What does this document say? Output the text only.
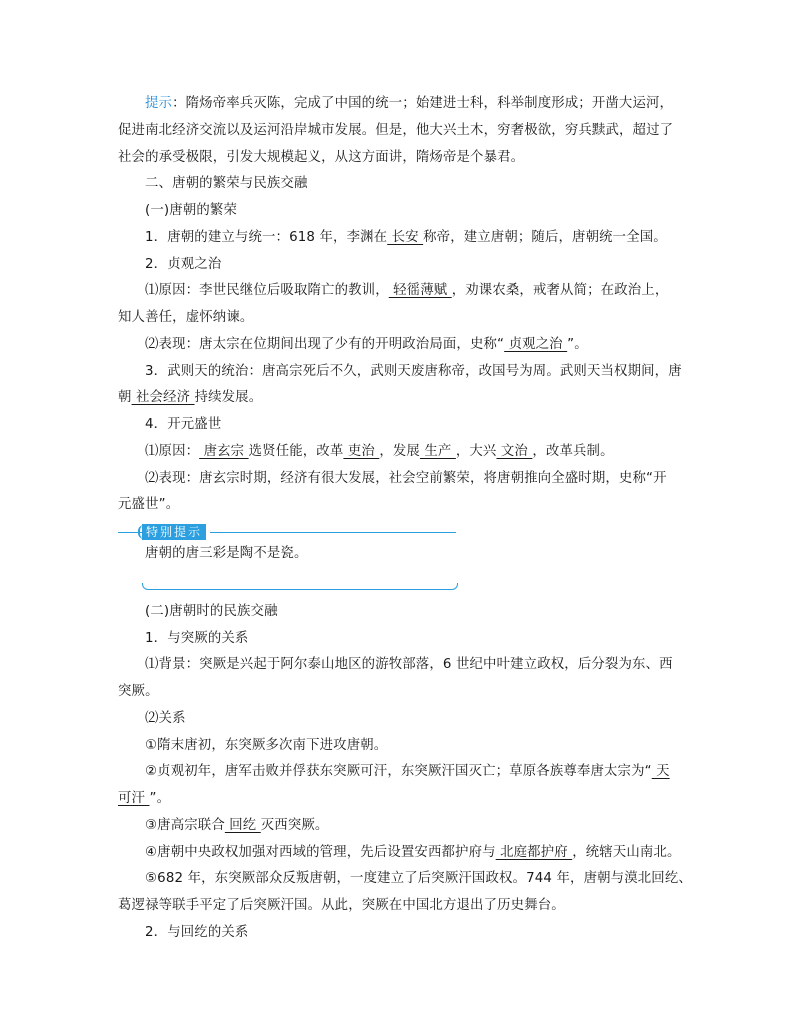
提示：隋炀帝率兵灭陈，完成了中国的统一；始建进士科，科举制度形成；开凿大运河，
促进南北经济交流以及运河沿岸城市发展。但是，他大兴土木，穷奢极欲，穷兵黩武，超过了
社会的承受极限，引发大规模起义，从这方面讲，隋炀帝是个暴君。
二、唐朝的繁荣与民族交融
(一)唐朝的繁荣
1．唐朝的建立与统一：618 年，李渊在 长安 称帝，建立唐朝；随后，唐朝统一全国。
2．贞观之治
⑴原因：李世民继位后吸取隋亡的教训， 轻徭薄赋 ，劝课农桑，戒奢从简；在政治上，
知人善任，虚怀纳谏。
⑵表现：唐太宗在位期间出现了少有的开明政治局面，史称“ 贞观之治 ”。
3．武则天的统治：唐高宗死后不久，武则天废唐称帝，改国号为周。武则天当权期间，唐
朝 社会经济 持续发展。
4．开元盛世
⑴原因： 唐玄宗 选贤任能，改革 吏治 ，发展 生产 ，大兴 文治 ，改革兵制。
⑵表现：唐玄宗时期，经济有很大发展，社会空前繁荣，将唐朝推向全盛时期，史称“开
元盛世”。
特别提示
唐朝的唐三彩是陶不是瓷。
(二)唐朝时的民族交融
1．与突厥的关系
⑴背景：突厥是兴起于阿尔泰山地区的游牧部落，6 世纪中叶建立政权，后分裂为东、西
突厥。
⑵关系
①隋末唐初，东突厥多次南下进攻唐朝。
②贞观初年，唐军击败并俘获东突厥可汗，东突厥汗国灭亡；草原各族尊奉唐太宗为“ 天
可汗 ”。
③唐高宗联合 回纥 灭西突厥。
④唐朝中央政权加强对西域的管理，先后设置安西都护府与 北庭都护府 ，统辖天山南北。
⑤682 年，东突厥部众反叛唐朝，一度建立了后突厥汗国政权。744 年，唐朝与漠北回纥、
葛逻禄等联手平定了后突厥汗国。从此，突厥在中国北方退出了历史舞台。
2．与回纥的关系
